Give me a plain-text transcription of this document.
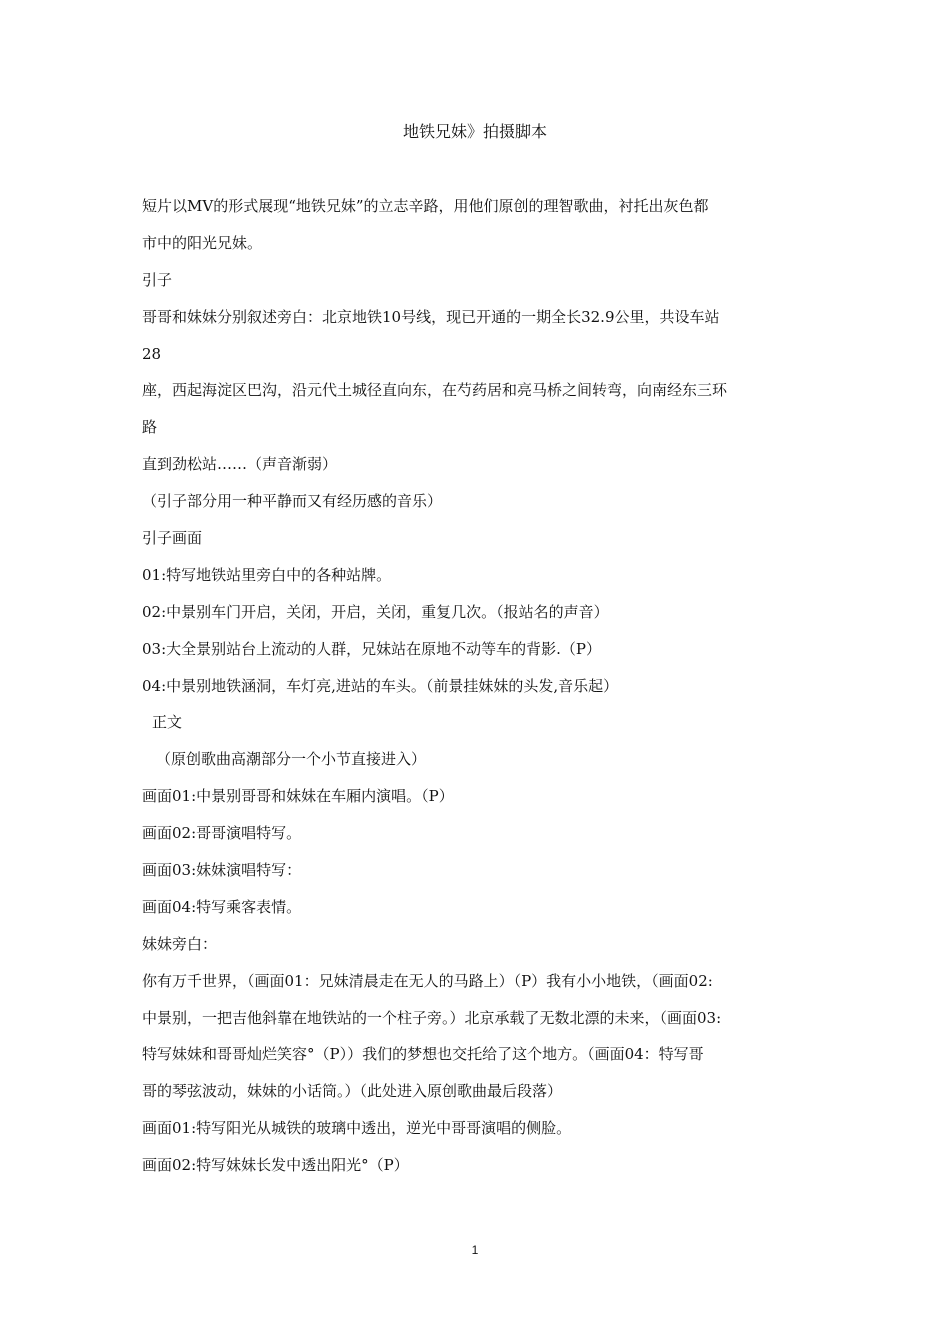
地铁兄妹》拍摄脚本
短片以MV的形式展现“地铁兄妹”的立志辛路，用他们原创的理智歌曲，衬托出灰色都
市中的阳光兄妹。
引子
哥哥和妹妹分别叙述旁白：北京地铁10号线，现已开通的一期全长32.9公里，共设车站
28
座，西起海淀区巴沟，沿元代土城径直向东，在芍药居和亮马桥之间转弯，向南经东三环
路
直到劲松站……（声音渐弱）
（引子部分用一种平静而又有经历感的音乐）
引子画面
01:特写地铁站里旁白中的各种站牌。
02:中景别车门开启，关闭，开启，关闭，重复几次。（报站名的声音）
03:大全景别站台上流动的人群，兄妹站在原地不动等车的背影.（P）
04:中景别地铁涵洞，车灯亮,进站的车头。（前景挂妹妹的头发,音乐起）
正文
（原创歌曲高潮部分一个小节直接进入）
画面01:中景别哥哥和妹妹在车厢内演唱。（P）
画面02:哥哥演唱特写。
画面03:妹妹演唱特写：
画面04:特写乘客表情。
妹妹旁白：
你有万千世界，（画面01：兄妹清晨走在无人的马路上）（P）我有小小地铁，（画面02:
中景别，一把吉他斜靠在地铁站的一个柱子旁。）北京承载了无数北漂的未来，（画面03:
特写妹妹和哥哥灿烂笑容°（P））我们的梦想也交托给了这个地方。（画面04：特写哥
哥的琴弦波动，妹妹的小话筒。）（此处进入原创歌曲最后段落）
画面01:特写阳光从城铁的玻璃中透出，逆光中哥哥演唱的侧脸。
画面02:特写妹妹长发中透出阳光°（P）
1
